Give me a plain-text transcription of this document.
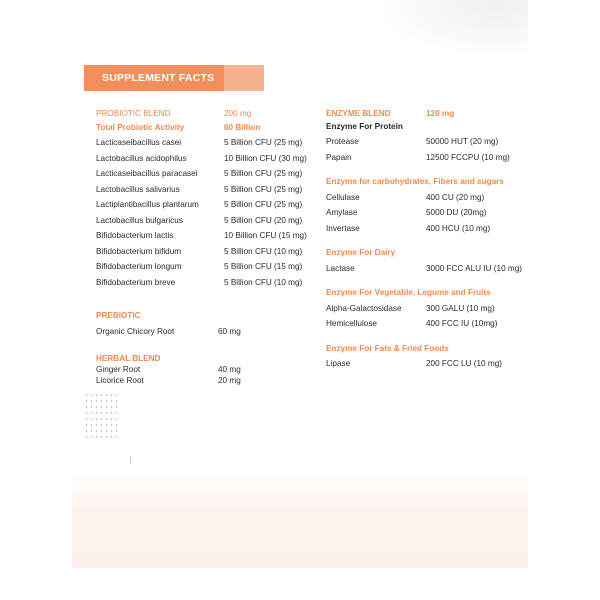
SUPPLEMENT FACTS
PROBIOTIC BLEND	200 mg
Total Probiotic Activity	60 Billion
Lacticaseibacillus casei	5 Billion CFU (25 mg)
Lactobacillus acidophilus	10 Billion CFU (30 mg)
Lacticaseibacillus paracasei	5 Billion CFU (25 mg)
Lactobacillus salivarius	5 Billion CFU (25 mg)
Lactiplantibacillus plantarum	5 Billion CFU (25 mg)
Lactobacillus bulgaricus	5 Billion CFU (20 mg)
Bifidobacterium lactis	10 Billion CFU (15 mg)
Bifidobacterium bifidum	5 Billion CFU (10 mg)
Bifidobacterium longum	5 Billion CFU (15 mg)
Bifidobacterium breve	5 Billion CFU (10 mg)
PREBIOTIC
Organic Chicory Root	60 mg
HERBAL BLEND
Ginger Root	40 mg
Licorice Root	20 mg
ENZYME BLEND	120 mg
Enzyme For Protein
Protease	50000 HUT (20 mg)
Papain	12500 FCCPU (10 mg)
Enzyme for carbohydrates, Fibers and sugars
Cellulase	400 CU (20 mg)
Amylase	5000 DU (20mg)
Invertase	400 HCU (10 mg)
Enzyme For Dairy
Lactase	3000 FCC ALU IU (10 mg)
Enzyme For Vegetable, Legume and Fruits
Alpha-Galactosidase	300 GALU (10 mg)
Hemicellulose	400 FCC IU (10mg)
Enzyme For Fats & Fried Foods
Lipase	200 FCC LU (10 mg)
